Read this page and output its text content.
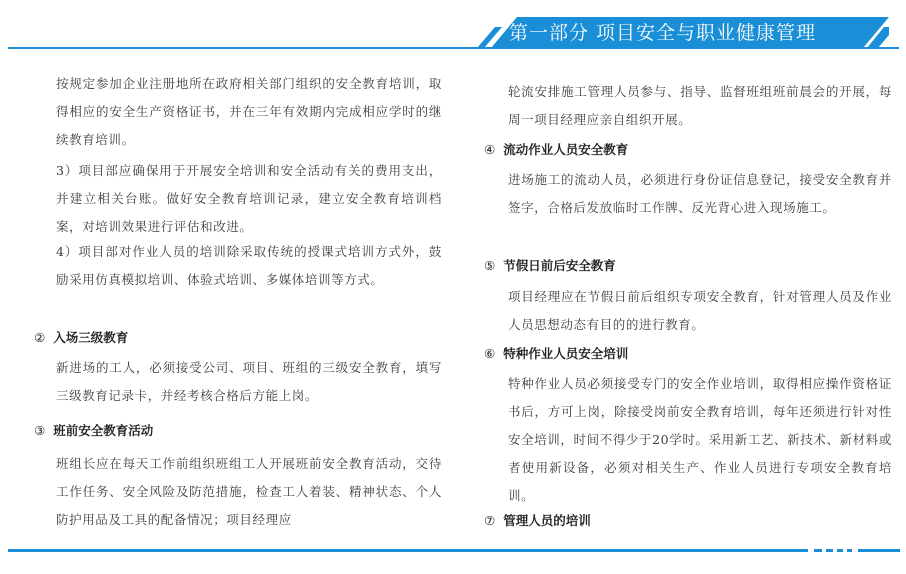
第一部分 项目安全与职业健康管理

按规定参加企业注册地所在政府相关部门组织的安全教育培训，取得相应的安全生产资格证书，并在三年有效期内完成相应学时的继续教育培训。

3）项目部应确保用于开展安全培训和安全活动有关的费用支出，并建立相关台账。做好安全教育培训记录，建立安全教育培训档案，对培训效果进行评估和改进。

4）项目部对作业人员的培训除采取传统的授课式培训方式外，鼓励采用仿真模拟培训、体验式培训、多媒体培训等方式。

② 入场三级教育

新进场的工人，必须接受公司、项目、班组的三级安全教育，填写三级教育记录卡，并经考核合格后方能上岗。

③ 班前安全教育活动

班组长应在每天工作前组织班组工人开展班前安全教育活动，交待工作任务、安全风险及防范措施，检查工人着装、精神状态、个人防护用品及工具的配备情况；项目经理应

轮流安排施工管理人员参与、指导、监督班组班前晨会的开展，每周一项目经理应亲自组织开展。

④ 流动作业人员安全教育

进场施工的流动人员，必须进行身份证信息登记，接受安全教育并签字，合格后发放临时工作牌、反光背心进入现场施工。

⑤ 节假日前后安全教育

项目经理应在节假日前后组织专项安全教育，针对管理人员及作业人员思想动态有目的的进行教育。

⑥ 特种作业人员安全培训

特种作业人员必须接受专门的安全作业培训，取得相应操作资格证书后，方可上岗，除接受岗前安全教育培训，每年还须进行针对性安全培训，时间不得少于20学时。采用新工艺、新技术、新材料或者使用新设备，必须对相关生产、作业人员进行专项安全教育培训。

⑦ 管理人员的培训
